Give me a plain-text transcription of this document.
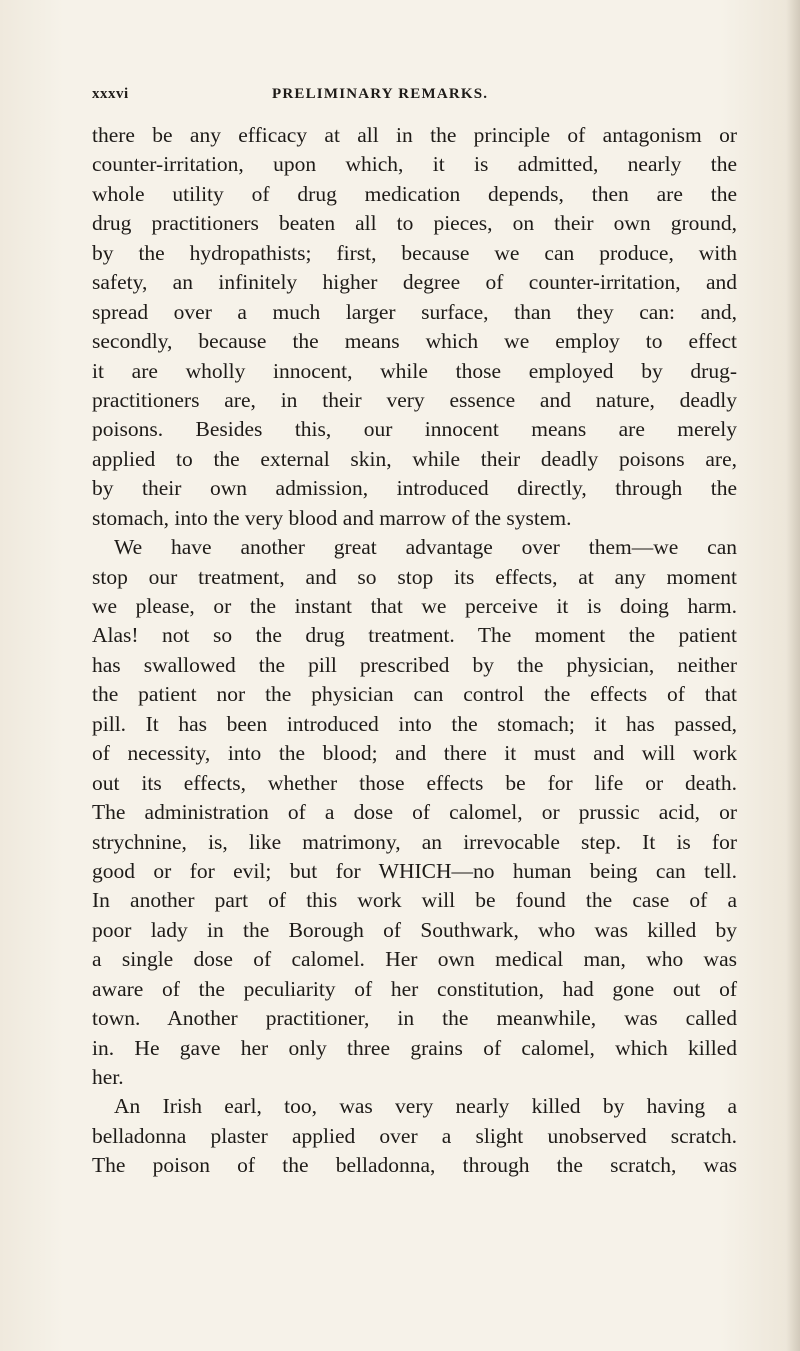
xxxvi	PRELIMINARY REMARKS.
there be any efficacy at all in the principle of antagonism or
counter-irritation, upon which, it is admitted, nearly the
whole utility of drug medication depends, then are the
drug practitioners beaten all to pieces, on their own ground,
by the hydropathists; first, because we can produce, with
safety, an infinitely higher degree of counter-irritation, and
spread over a much larger surface, than they can: and,
secondly, because the means which we employ to effect
it are wholly innocent, while those employed by drug-
practitioners are, in their very essence and nature, deadly
poisons. Besides this, our innocent means are merely
applied to the external skin, while their deadly poisons are,
by their own admission, introduced directly, through the
stomach, into the very blood and marrow of the system.
We have another great advantage over them—we can
stop our treatment, and so stop its effects, at any moment
we please, or the instant that we perceive it is doing harm.
Alas! not so the drug treatment. The moment the patient
has swallowed the pill prescribed by the physician, neither
the patient nor the physician can control the effects of that
pill. It has been introduced into the stomach; it has passed,
of necessity, into the blood; and there it must and will work
out its effects, whether those effects be for life or death.
The administration of a dose of calomel, or prussic acid, or
strychnine, is, like matrimony, an irrevocable step. It is for
good or for evil; but for WHICH—no human being can tell.
In another part of this work will be found the case of a
poor lady in the Borough of Southwark, who was killed by
a single dose of calomel. Her own medical man, who was
aware of the peculiarity of her constitution, had gone out of
town. Another practitioner, in the meanwhile, was called
in. He gave her only three grains of calomel, which killed
her.
An Irish earl, too, was very nearly killed by having a
belladonna plaster applied over a slight unobserved scratch.
The poison of the belladonna, through the scratch, was
